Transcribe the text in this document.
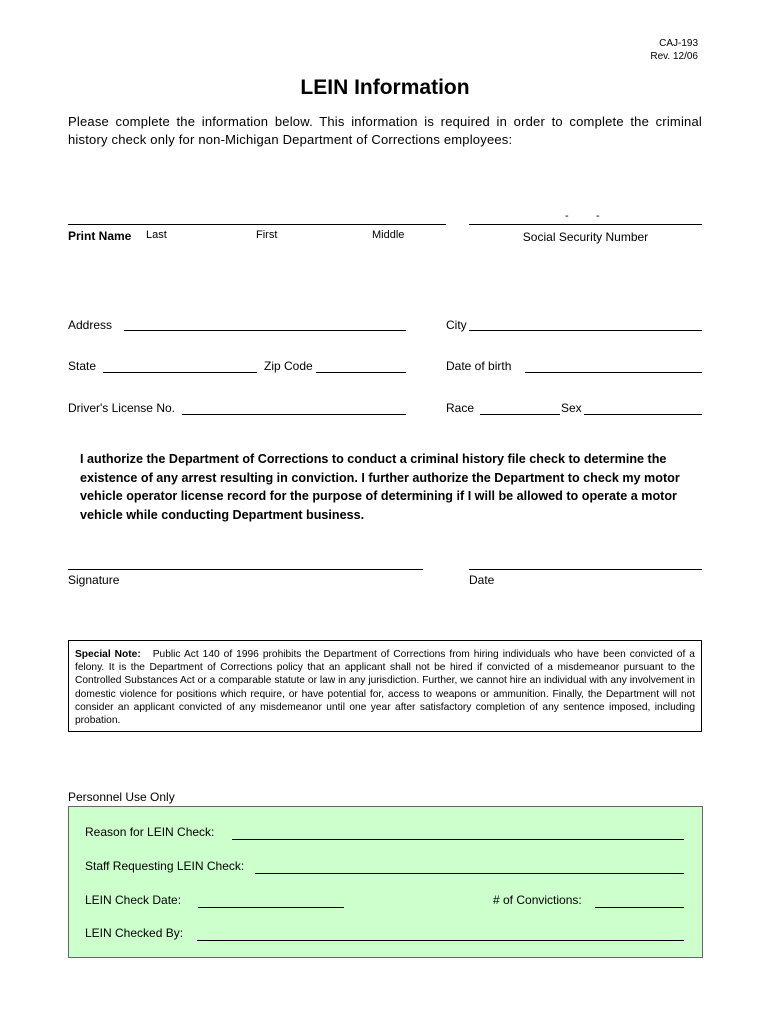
CAJ-193
Rev. 12/06
LEIN Information
Please complete the information below. This information is required in order to complete the criminal history check only for non-Michigan Department of Corrections employees:
Print Name Last	First	Middle
- -
Social Security Number
Address	City
State	Zip Code	Date of birth
Driver's License No.	Race	Sex
I authorize the Department of Corrections to conduct a criminal history file check to determine the existence of any arrest resulting in conviction. I further authorize the Department to check my motor vehicle operator license record for the purpose of determining if I will be allowed to operate a motor vehicle while conducting Department business.
Signature	Date
Special Note: Public Act 140 of 1996 prohibits the Department of Corrections from hiring individuals who have been convicted of a felony. It is the Department of Corrections policy that an applicant shall not be hired if convicted of a misdemeanor pursuant to the Controlled Substances Act or a comparable statute or law in any jurisdiction. Further, we cannot hire an individual with any involvement in domestic violence for positions which require, or have potential for, access to weapons or ammunition. Finally, the Department will not consider an applicant convicted of any misdemeanor until one year after satisfactory completion of any sentence imposed, including probation.
Personnel Use Only
Reason for LEIN Check:
Staff Requesting LEIN Check:
LEIN Check Date:	# of Convictions:
LEIN Checked By:
